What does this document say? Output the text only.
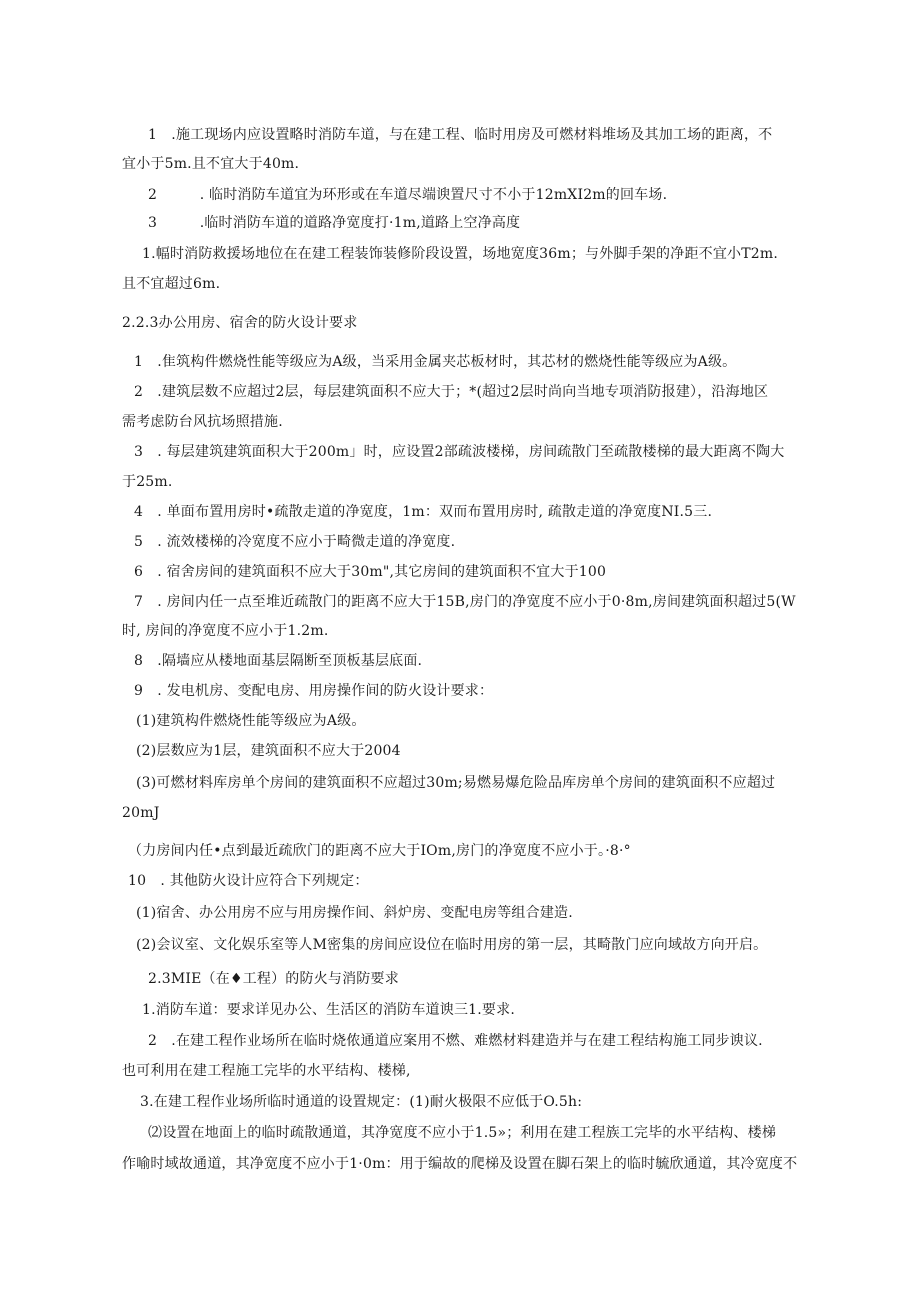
1　.施工现场内应设置略时消防车道，与在建工程、临时用房及可燃材料堆场及其加工场的距离，不
宜小于5m.且不宜大于40m.
2　　　. 临时消防车道宜为环形或在车道尽端谀置尺寸不小于12mXI2m的回车场.
3　　　.临时消防车道的道路净宽度打·1m,道路上空净高度
1.幅时消防救援场地位在在建工程装饰装修阶段设置，场地宽度36m；与外脚手架的净距不宜小T2m.
且不宜超过6m.
2.2.3办公用房、宿舍的防火设计要求
1　.隹筑构件燃烧性能等级应为A级，当采用金属夹芯板材时，其芯材的燃烧性能等级应为A级。
2　.建筑层数不应超过2层，每层建筑面积不应大于；*(超过2层时尚向当地专项消防报建），沿海地区
需考虑防台风抗场照措施.
3　. 每层建筑建筑面积大于200m」时，应设置2部疏波楼梯，房间疏散门至疏散楼梯的最大距离不陶大
于25m.
4　. 单面布置用房时•疏散走道的净宽度，1m：双而布置用房时, 疏散走道的净宽度NI.5三.
5　. 流效楼梯的冷宽度不应小于畸微走道的净宽度.
6　. 宿舍房间的建筑面积不应大于30m",其它房间的建筑面积不宜大于100
7　. 房间内任一点至堆近疏散门的距离不应大于15B,房门的净宽度不应小于0·8m,房间建筑面积超过5(W
时, 房间的净宽度不应小于1.2m.
8　.隔墙应从楼地面基层隔断至顶板基层底面.
9　. 发电机房、变配电房、用房操作间的防火设计要求：
(1)建筑构件燃烧性能等级应为A级。
(2)层数应为1层，建筑面积不应大于2004
(3)可燃材料库房单个房间的建筑面积不应超过30m;易燃易爆危险品库房单个房间的建筑面积不应超过
20mJ
（力房间内任•点到最近疏欣门的距离不应大于IOm,房门的净宽度不应小于。·8·°
10　. 其他防火设计应符合下列规定：
(1)宿舍、办公用房不应与用房操作间、斜炉房、变配电房等组合建造.
(2)会议室、文化娱乐室等人M密集的房间应设位在临时用房的第一层，其畸散门应向域故方向开启。
2.3MIE（在♦工程）的防火与消防要求
1.消防车道：要求详见办公、生活区的消防车道谀三1.要求.
2　.在建工程作业场所在临时烧侬通道应案用不燃、难燃材料建造并与在建工程结构施工同步谀议.
也可利用在建工程施工完毕的水平结构、楼梯,
3.在建工程作业场所临时通道的设置规定：(1)耐火极限不应低于O.5h:
⑵设置在地面上的临时疏散通道，其净宽度不应小于1.5»；利用在建工程族工完毕的水平结构、楼梯
作喻时域故通道，其净宽度不应小于1·0m：用于编故的爬梯及设置在脚石架上的临时毓欣通道，其冷宽度不
